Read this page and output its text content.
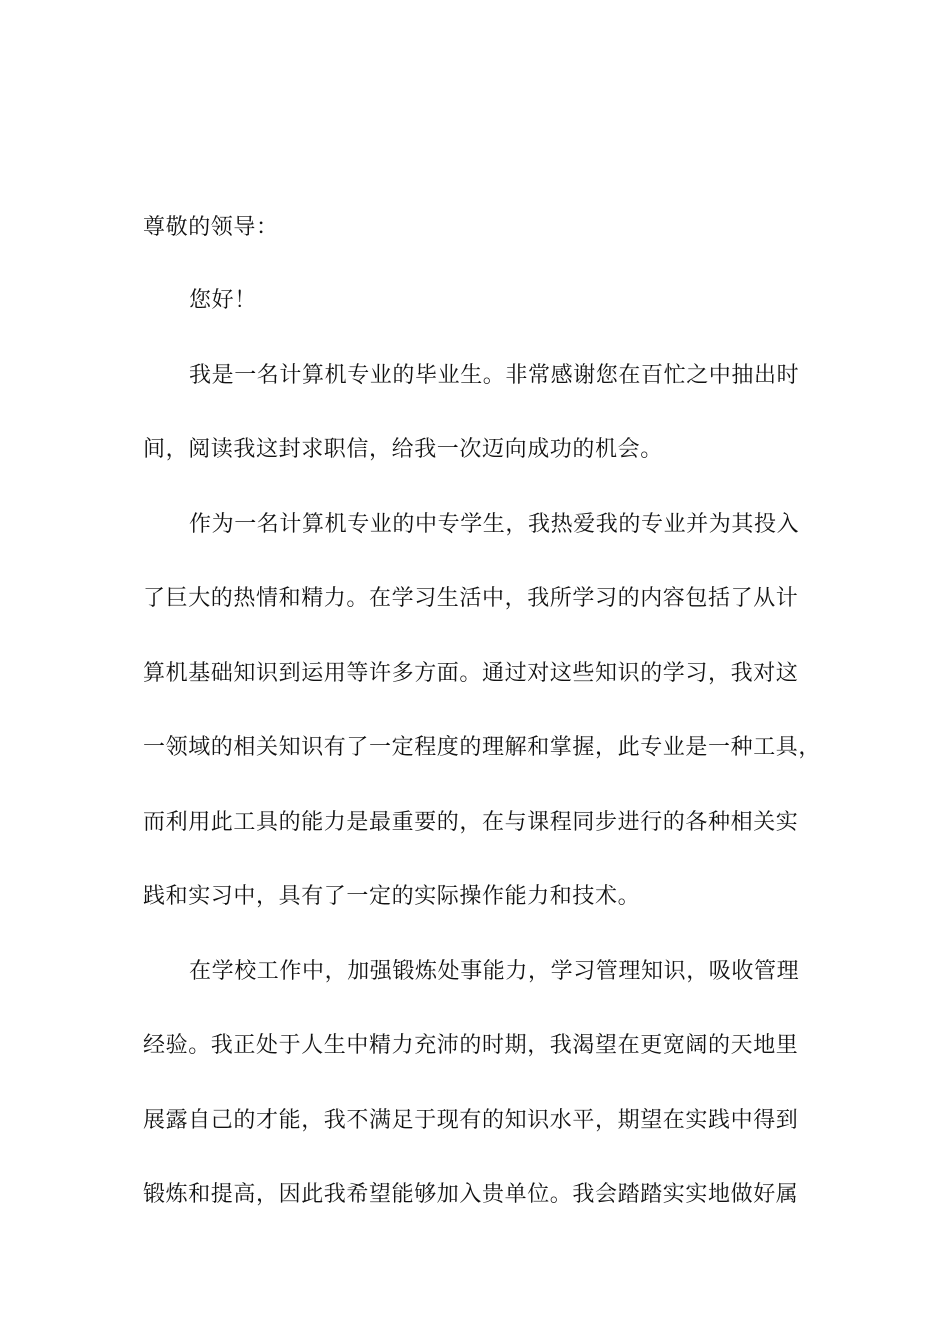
尊敬的领导：
您好！
我是一名计算机专业的毕业生。非常感谢您在百忙之中抽出时
间，阅读我这封求职信，给我一次迈向成功的机会。
作为一名计算机专业的中专学生，我热爱我的专业并为其投入
了巨大的热情和精力。在学习生活中，我所学习的内容包括了从计
算机基础知识到运用等许多方面。通过对这些知识的学习，我对这
一领域的相关知识有了一定程度的理解和掌握，此专业是一种工具，
而利用此工具的能力是最重要的，在与课程同步进行的各种相关实
践和实习中，具有了一定的实际操作能力和技术。
在学校工作中，加强锻炼处事能力，学习管理知识，吸收管理
经验。我正处于人生中精力充沛的时期，我渴望在更宽阔的天地里
展露自己的才能，我不满足于现有的知识水平，期望在实践中得到
锻炼和提高，因此我希望能够加入贵单位。我会踏踏实实地做好属
